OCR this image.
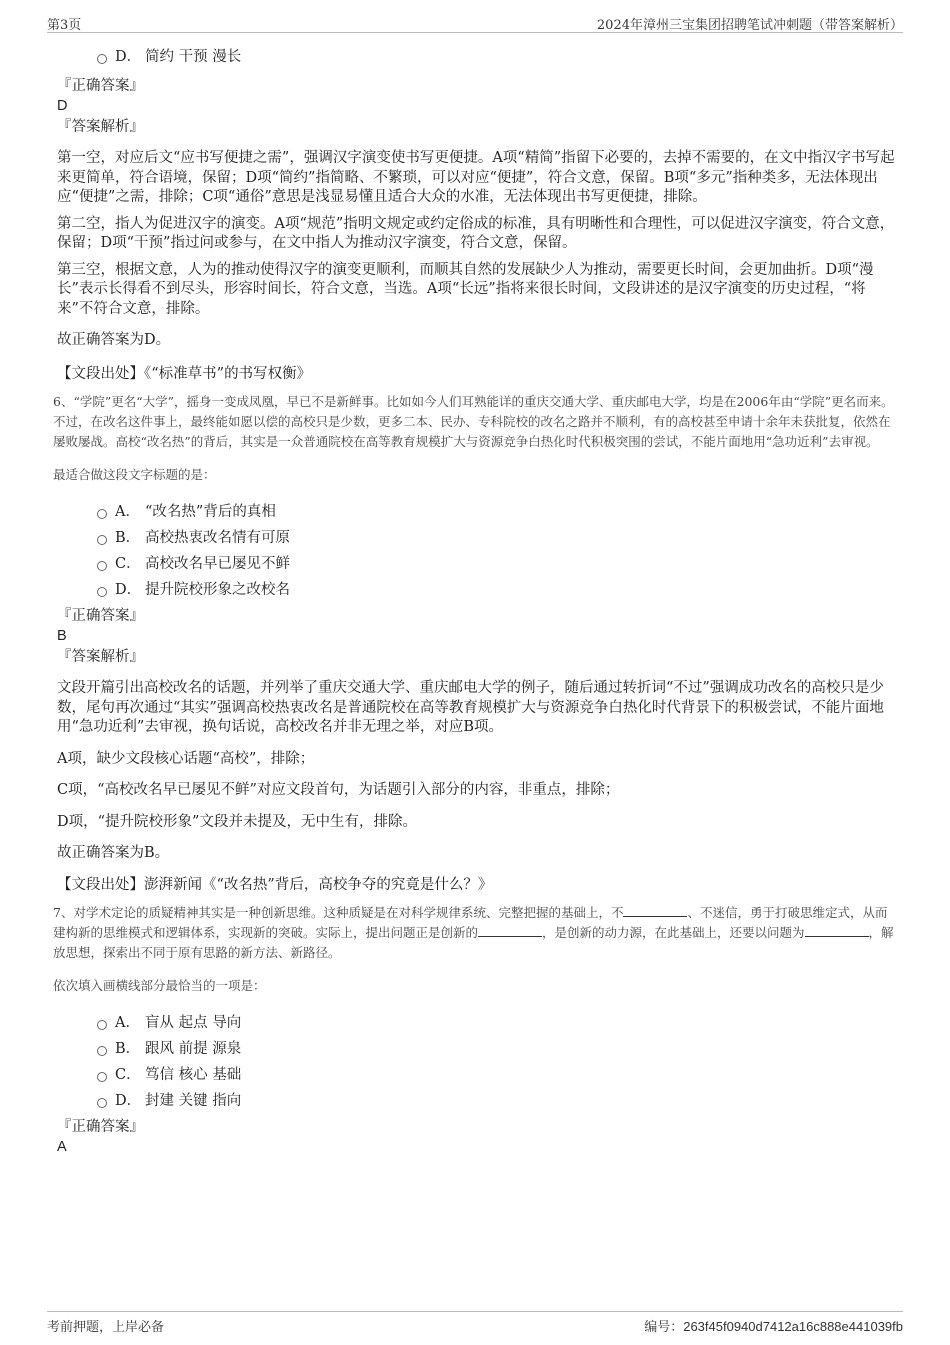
第3页	2024年漳州三宝集团招聘笔试冲刺题（带答案解析）
D． 简约 干预 漫长
『正确答案』
D
『答案解析』
第一空，对应后文“应书写便捷之需”，强调汉字演变使书写更便捷。A项“精简”指留下必要的，去掉不需要的，在文中指汉字书写起来更简单，符合语境，保留；D项“简约”指简略、不繁琐，可以对应“便捷”，符合文意，保留。B项“多元”指种类多，无法体现出应“便捷”之需，排除；C项“通俗”意思是浅显易懂且适合大众的水准，无法体现出书写更便捷，排除。
第二空，指人为促进汉字的演变。A项“规范”指明文规定或约定俗成的标准，具有明晰性和合理性，可以促进汉字演变，符合文意，保留；D项“干预”指过问或参与，在文中指人为推动汉字演变，符合文意，保留。
第三空，根据文意，人为的推动使得汉字的演变更顺利，而顺其自然的发展缺少人为推动，需要更长时间，会更加曲折。D项“漫长”表示长得看不到尽头，形容时间长，符合文意，当选。A项“长远”指将来很长时间，文段讲述的是汉字演变的历史过程，“将来”不符合文意，排除。
故正确答案为D。
【文段出处】《“标准草书”的书写权衡》
6、“学院”更名“大学”，摇身一变成凤凰，早已不是新鲜事。比如如今人们耳熟能详的重庆交通大学、重庆邮电大学，均是在2006年由“学院”更名而来。不过，在改名这件事上，最终能如愿以偿的高校只是少数，更多二本、民办、专科院校的改名之路并不顺利，有的高校甚至申请十余年未获批复，依然在屡败屡战。高校“改名热”的背后，其实是一众普通院校在高等教育规模扩大与资源竞争白热化时代积极突围的尝试，不能片面地用“急功近利”去审视。
最适合做这段文字标题的是：
A． “改名热”背后的真相
B． 高校热衷改名情有可原
C． 高校改名早已屡见不鲜
D． 提升院校形象之改校名
『正确答案』
B
『答案解析』
文段开篇引出高校改名的话题，并列举了重庆交通大学、重庆邮电大学的例子，随后通过转折词“不过”强调成功改名的高校只是少数，尾句再次通过“其实”强调高校热衷改名是普通院校在高等教育规模扩大与资源竞争白热化时代背景下的积极尝试，不能片面地用“急功近利”去审视，换句话说，高校改名并非无理之举，对应B项。
A项，缺少文段核心话题“高校”，排除；
C项，“高校改名早已屡见不鲜”对应文段首句，为话题引入部分的内容，非重点，排除；
D项，“提升院校形象”文段并未提及，无中生有，排除。
故正确答案为B。
【文段出处】澎湃新闻《“改名热”背后，高校争夺的究竟是什么？》
7、对学术定论的质疑精神其实是一种创新思维。这种质疑是在对科学规律系统、完整把握的基础上，不	、不迷信，勇于打破思维定式，从而建构新的思维模式和逻辑体系，实现新的突破。实际上，提出问题正是创新的	，是创新的动力源，在此基础上，还要以问题为	，解放思想，探索出不同于原有思路的新方法、新路径。
依次填入画横线部分最恰当的一项是：
A． 盲从 起点 导向
B． 跟风 前提 源泉
C． 笃信 核心 基础
D． 封建 关键 指向
『正确答案』
A
考前押题，上岸必备	编号：263f45f0940d7412a16c888e441039fb
